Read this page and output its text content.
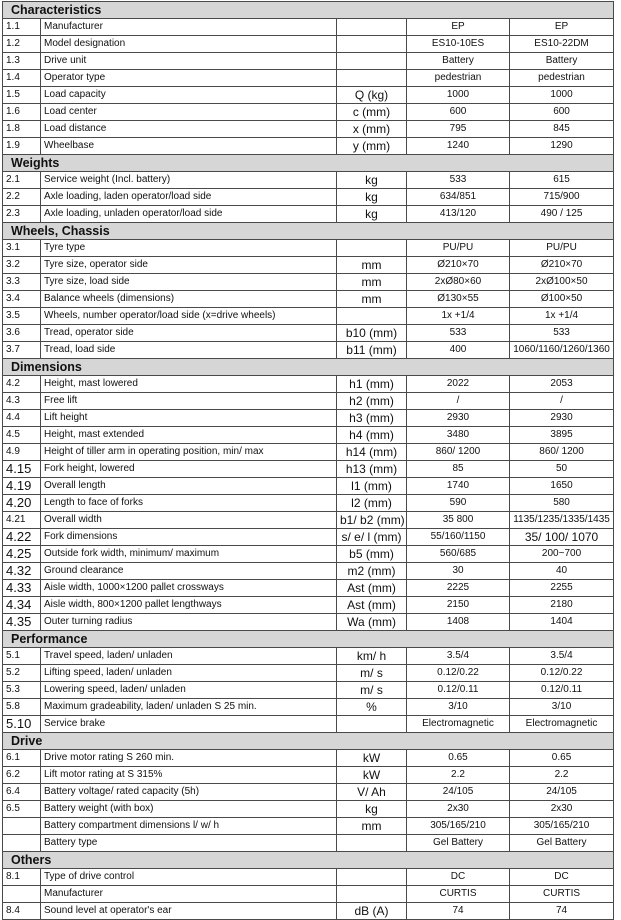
Characteristics				
1.1	Manufacturer		EP	EP
1.2	Model designation		ES10-10ES	ES10-22DM
1.3	Drive unit		Battery	Battery
1.4	Operator type		pedestrian	pedestrian
1.5	Load capacity	Q (kg)	1000	1000
1.6	Load center	c (mm)	600	600
1.8	Load distance	x (mm)	795	845
1.9	Wheelbase	y (mm)	1240	1290
Weights				
2.1	Service weight (Incl. battery)	kg	533	615
2.2	Axle loading, laden operator/load side	kg	634/851	715/900
2.3	Axle loading, unladen operator/load side	kg	413/120	490 / 125
Wheels, Chassis				
3.1	Tyre type		PU/PU	PU/PU
3.2	Tyre size, operator side	mm	Ø210×70	Ø210×70
3.3	Tyre size, load side	mm	2xØ80×60	2xØ100×50
3.4	Balance wheels (dimensions)	mm	Ø130×55	Ø100×50
3.5	Wheels, number operator/load side (x=drive wheels)		1x +1/4	1x +1/4
3.6	Tread, operator side	b10 (mm)	533	533
3.7	Tread, load side	b11 (mm)	400	1060/1160/1260/1360
Dimensions				
4.2	Height, mast lowered	h1 (mm)	2022	2053
4.3	Free lift	h2 (mm)	/	/
4.4	Lift height	h3 (mm)	2930	2930
4.5	Height, mast extended	h4 (mm)	3480	3895
4.9	Height of tiller arm in operating position, min/ max	h14 (mm)	860/ 1200	860/ 1200
4.15	Fork height, lowered	h13 (mm)	85	50
4.19	Overall length	l1 (mm)	1740	1650
4.20	Length to face of forks	l2 (mm)	590	580
4.21	Overall width	b1/ b2 (mm)	35 800	1135/1235/1335/1435
4.22	Fork dimensions	s/ e/ l (mm)	55/160/1150	35/ 100/ 1070
4.25	Outside fork width, minimum/ maximum	b5 (mm)	560/685	200~700
4.32	Ground clearance	m2 (mm)	30	40
4.33	Aisle width, 1000×1200 pallet crossways	Ast (mm)	2225	2255
4.34	Aisle width, 800×1200 pallet lengthways	Ast (mm)	2150	2180
4.35	Outer turning radius	Wa (mm)	1408	1404
Performance				
5.1	Travel speed, laden/ unladen	km/ h	3.5/4	3.5/4
5.2	Lifting speed, laden/ unladen	m/ s	0.12/0.22	0.12/0.22
5.3	Lowering speed, laden/ unladen	m/ s	0.12/0.11	0.12/0.11
5.8	Maximum gradeability, laden/ unladen S 25 min.	%	3/10	3/10
5.10	Service brake		Electromagnetic	Electromagnetic
Drive				
6.1	Drive motor rating S 260 min.	kW	0.65	0.65
6.2	Lift motor rating at S 315%	kW	2.2	2.2
6.4	Battery voltage/ rated capacity (5h)	V/ Ah	24/105	24/105
6.5	Battery weight (with box)	kg	2x30	2x30
	Battery compartment dimensions l/ w/ h	mm	305/165/210	305/165/210
	Battery type		Gel Battery	Gel Battery
Others				
8.1	Type of drive control		DC	DC
	Manufacturer		CURTIS	CURTIS
8.4	Sound level at operator's ear	dB (A)	74	74
